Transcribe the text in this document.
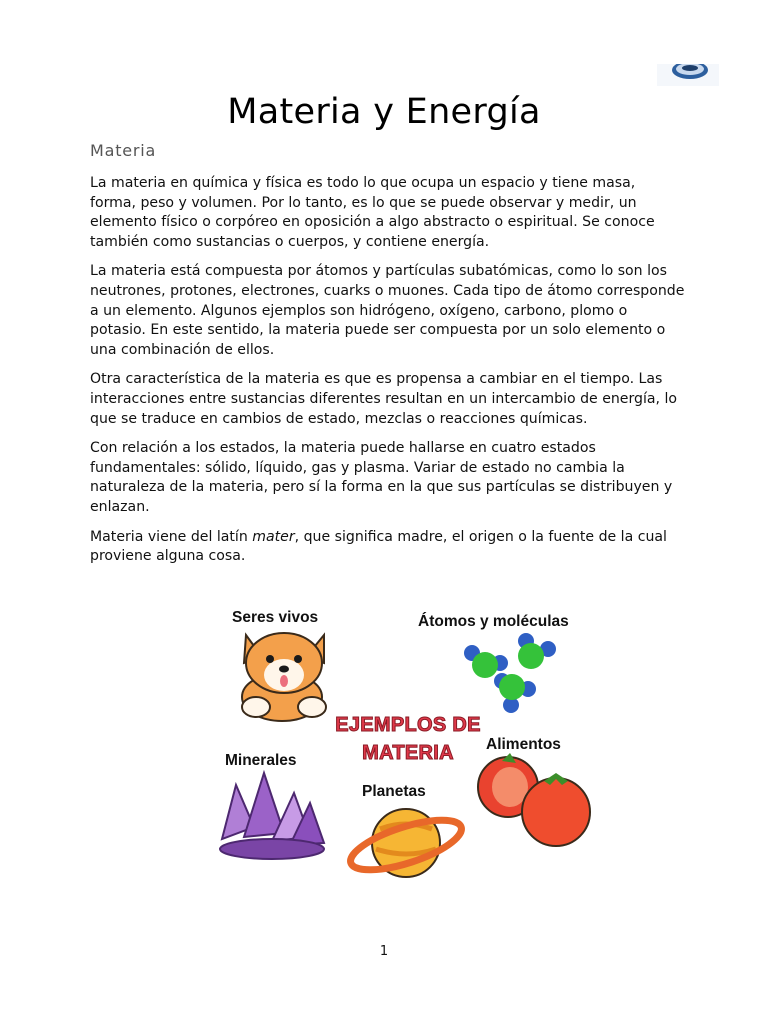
Materia y Energía
Materia

La materia en química y física es todo lo que ocupa un espacio y tiene masa, forma, peso y volumen. Por lo tanto, es lo que se puede observar y medir, un elemento físico o corpóreo en oposición a algo abstracto o espiritual. Se conoce también como sustancias o cuerpos, y contiene energía.

La materia está compuesta por átomos y partículas subatómicas, como lo son los neutrones, protones, electrones, cuarks o muones. Cada tipo de átomo corresponde a un elemento. Algunos ejemplos son hidrógeno, oxígeno, carbono, plomo o potasio. En este sentido, la materia puede ser compuesta por un solo elemento o una combinación de ellos.

Otra característica de la materia es que es propensa a cambiar en el tiempo. Las interacciones entre sustancias diferentes resultan en un intercambio de energía, lo que se traduce en cambios de estado, mezclas o reacciones químicas.

Con relación a los estados, la materia puede hallarse en cuatro estados fundamentales: sólido, líquido, gas y plasma. Variar de estado no cambia la naturaleza de la materia, pero sí la forma en la que sus partículas se distribuyen y enlazan.

Materia viene del latín mater, que significa madre, el origen o la fuente de la cual proviene alguna cosa.

Seres vivos	Átomos y moléculas
Minerales
Alimentos
Planetas
EJEMPLOS DE
MATERIA
1
